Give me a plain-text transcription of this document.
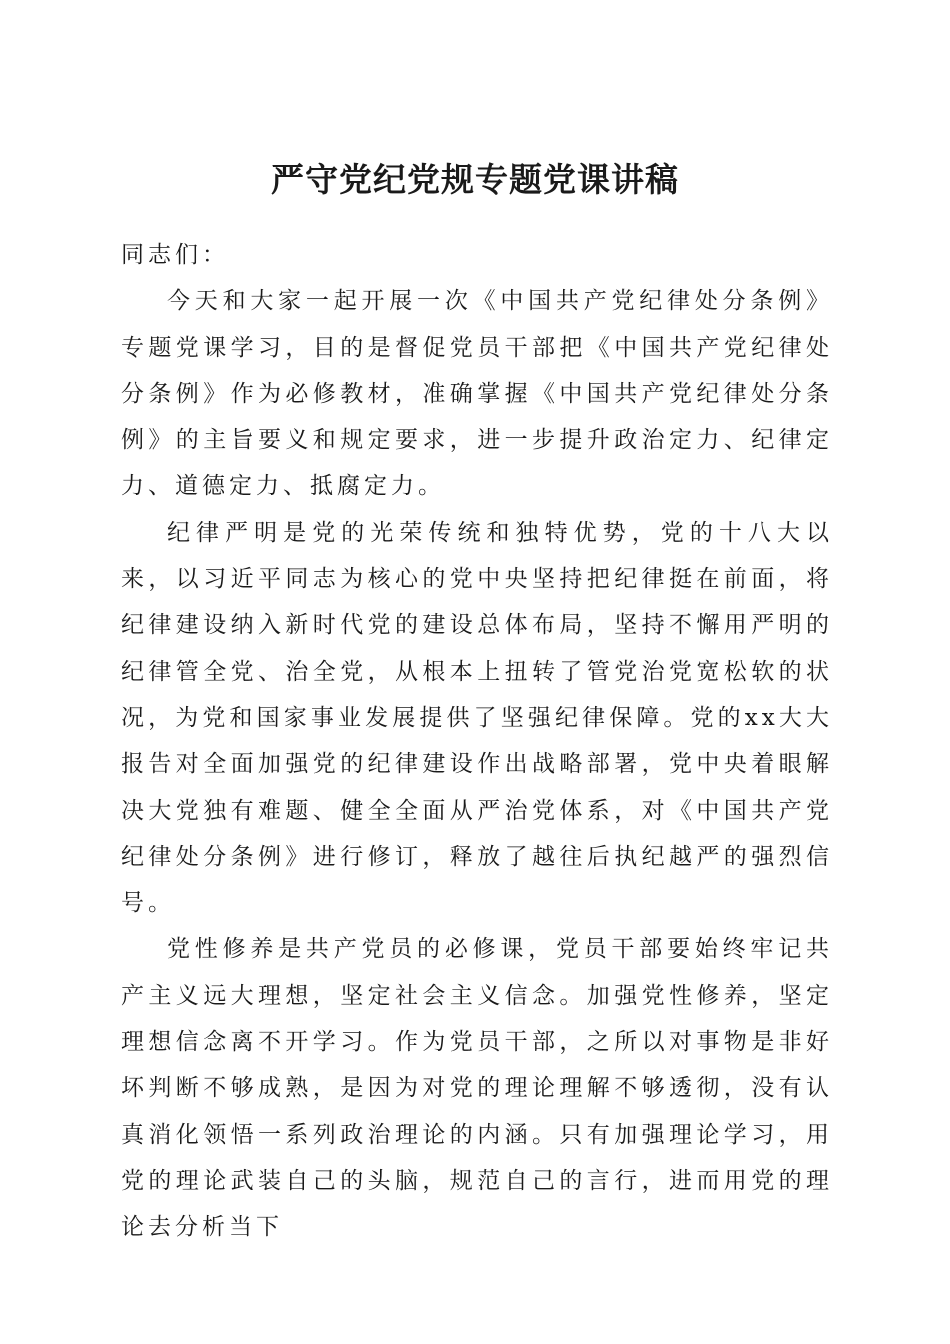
严守党纪党规专题党课讲稿

同志们：

今天和大家一起开展一次《中国共产党纪律处分条例》专题党课学习，目的是督促党员干部把《中国共产党纪律处分条例》作为必修教材，准确掌握《中国共产党纪律处分条例》的主旨要义和规定要求，进一步提升政治定力、纪律定力、道德定力、抵腐定力。

纪律严明是党的光荣传统和独特优势，党的十八大以来，以习近平同志为核心的党中央坚持把纪律挺在前面，将纪律建设纳入新时代党的建设总体布局，坚持不懈用严明的纪律管全党、治全党，从根本上扭转了管党治党宽松软的状况，为党和国家事业发展提供了坚强纪律保障。党的xx大大报告对全面加强党的纪律建设作出战略部署，党中央着眼解决大党独有难题、健全全面从严治党体系，对《中国共产党纪律处分条例》进行修订，释放了越往后执纪越严的强烈信号。

党性修养是共产党员的必修课，党员干部要始终牢记共产主义远大理想，坚定社会主义信念。加强党性修养，坚定理想信念离不开学习。作为党员干部，之所以对事物是非好坏判断不够成熟，是因为对党的理论理解不够透彻，没有认真消化领悟一系列政治理论的内涵。只有加强理论学习，用党的理论武装自己的头脑，规范自己的言行，进而用党的理论去分析当下
